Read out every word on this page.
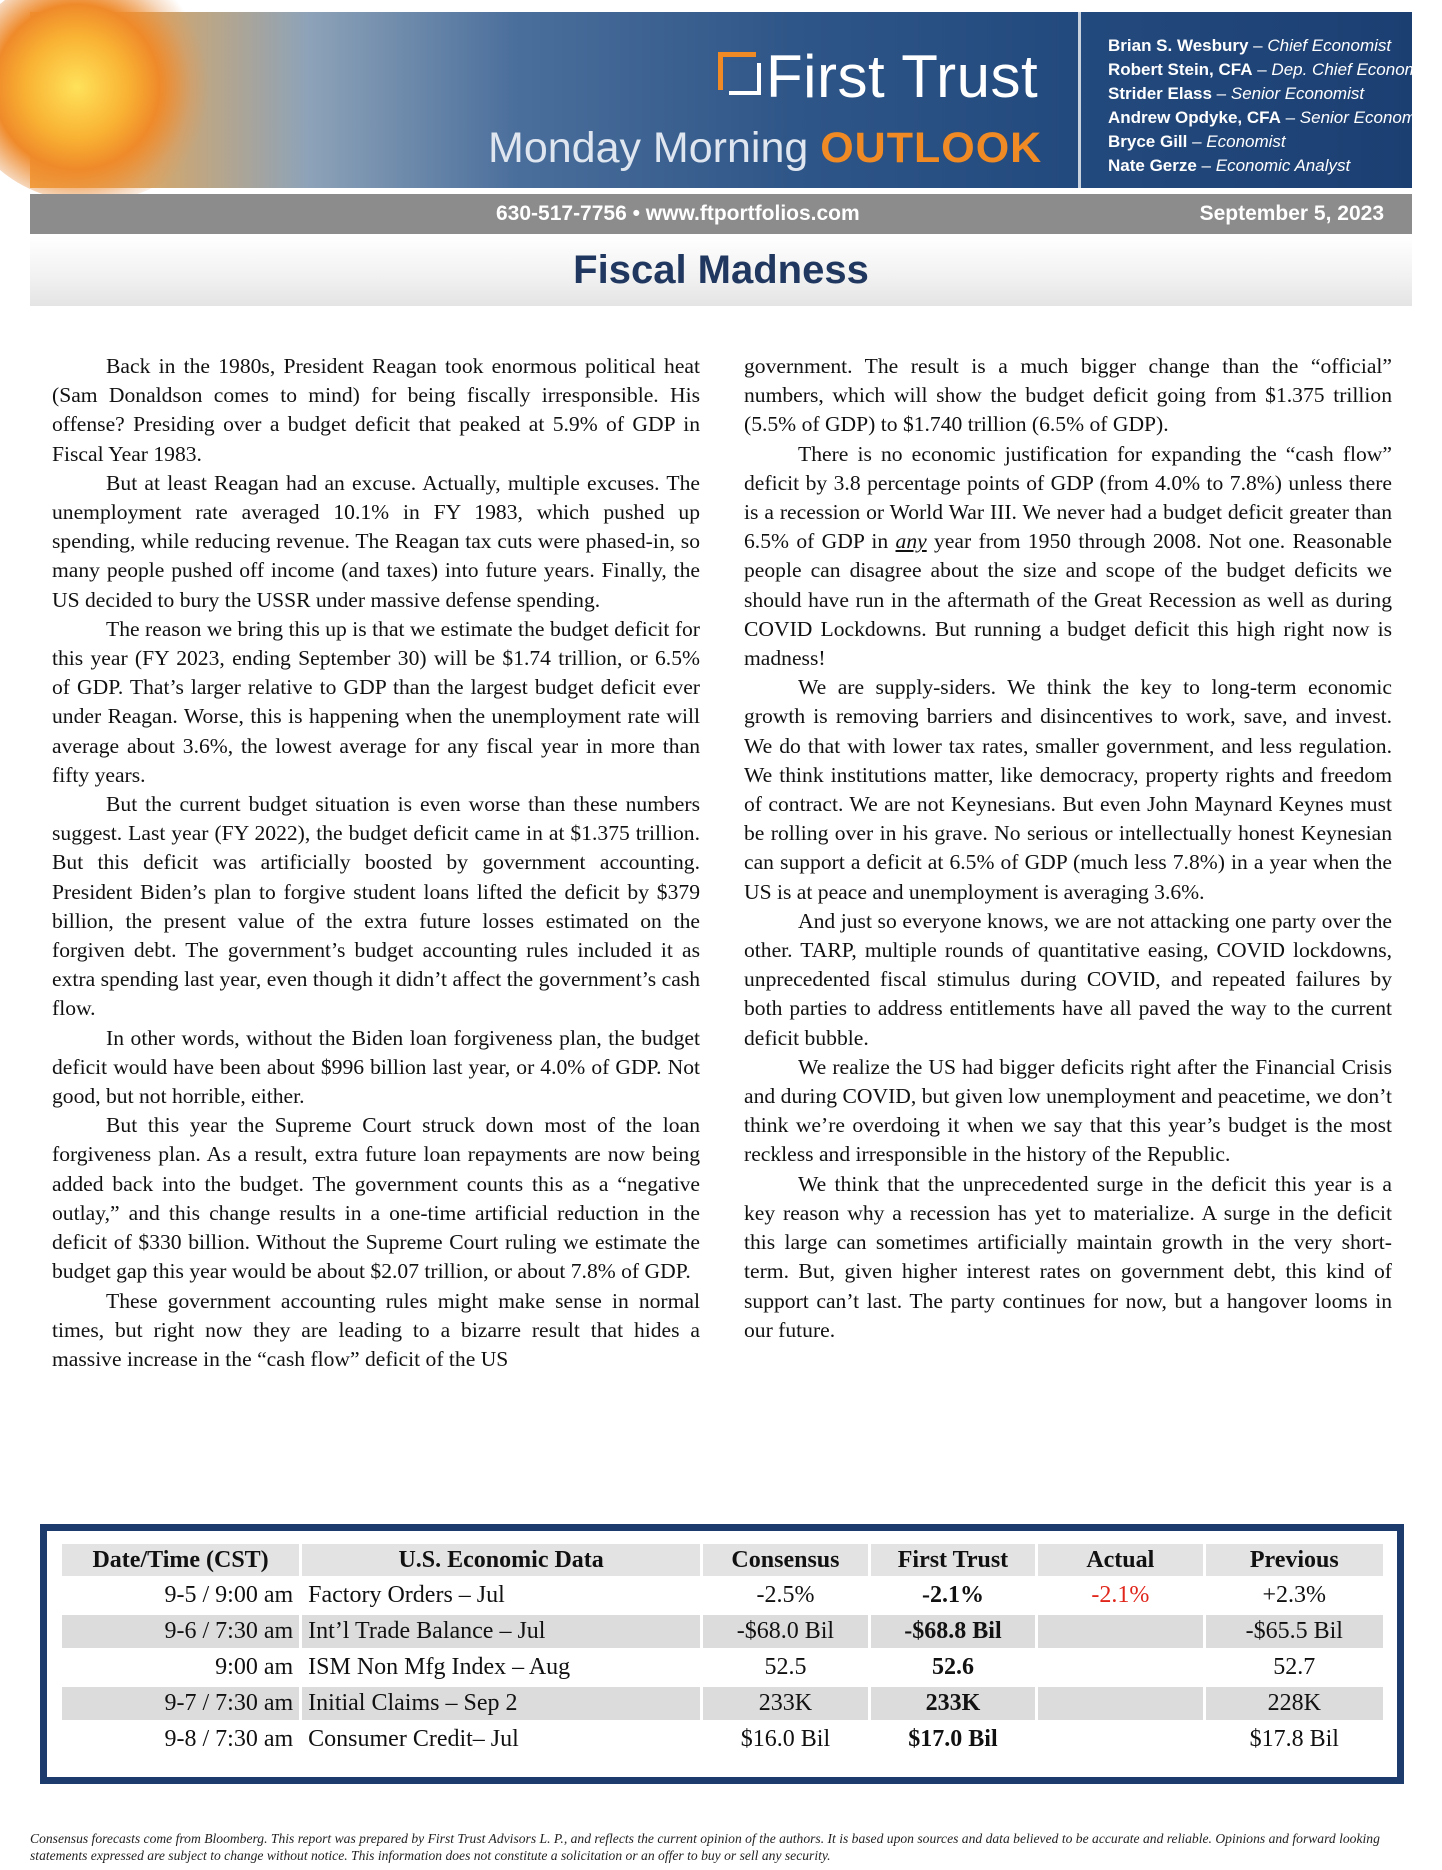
First Trust
Monday Morning OUTLOOK
Brian S. Wesbury – Chief Economist
Robert Stein, CFA – Dep. Chief Economist
Strider Elass – Senior Economist
Andrew Opdyke, CFA – Senior Economist
Bryce Gill – Economist
Nate Gerze – Economic Analyst
630-517-7756 • www.ftportfolios.com	September 5, 2023
Fiscal Madness

Back in the 1980s, President Reagan took enormous political heat (Sam Donaldson comes to mind) for being fiscally irresponsible. His offense? Presiding over a budget deficit that peaked at 5.9% of GDP in Fiscal Year 1983.

But at least Reagan had an excuse. Actually, multiple excuses. The unemployment rate averaged 10.1% in FY 1983, which pushed up spending, while reducing revenue. The Reagan tax cuts were phased-in, so many people pushed off income (and taxes) into future years. Finally, the US decided to bury the USSR under massive defense spending.

The reason we bring this up is that we estimate the budget deficit for this year (FY 2023, ending September 30) will be $1.74 trillion, or 6.5% of GDP. That’s larger relative to GDP than the largest budget deficit ever under Reagan. Worse, this is happening when the unemployment rate will average about 3.6%, the lowest average for any fiscal year in more than fifty years.

But the current budget situation is even worse than these numbers suggest. Last year (FY 2022), the budget deficit came in at $1.375 trillion. But this deficit was artificially boosted by government accounting. President Biden’s plan to forgive student loans lifted the deficit by $379 billion, the present value of the extra future losses estimated on the forgiven debt. The government’s budget accounting rules included it as extra spending last year, even though it didn’t affect the government’s cash flow.

In other words, without the Biden loan forgiveness plan, the budget deficit would have been about $996 billion last year, or 4.0% of GDP. Not good, but not horrible, either.

But this year the Supreme Court struck down most of the loan forgiveness plan. As a result, extra future loan repayments are now being added back into the budget. The government counts this as a “negative outlay,” and this change results in a one-time artificial reduction in the deficit of $330 billion. Without the Supreme Court ruling we estimate the budget gap this year would be about $2.07 trillion, or about 7.8% of GDP.

These government accounting rules might make sense in normal times, but right now they are leading to a bizarre result that hides a massive increase in the “cash flow” deficit of the US

government. The result is a much bigger change than the “official” numbers, which will show the budget deficit going from $1.375 trillion (5.5% of GDP) to $1.740 trillion (6.5% of GDP).

There is no economic justification for expanding the “cash flow” deficit by 3.8 percentage points of GDP (from 4.0% to 7.8%) unless there is a recession or World War III. We never had a budget deficit greater than 6.5% of GDP in any year from 1950 through 2008. Not one. Reasonable people can disagree about the size and scope of the budget deficits we should have run in the aftermath of the Great Recession as well as during COVID Lockdowns. But running a budget deficit this high right now is madness!

We are supply-siders. We think the key to long-term economic growth is removing barriers and disincentives to work, save, and invest. We do that with lower tax rates, smaller government, and less regulation. We think institutions matter, like democracy, property rights and freedom of contract. We are not Keynesians. But even John Maynard Keynes must be rolling over in his grave. No serious or intellectually honest Keynesian can support a deficit at 6.5% of GDP (much less 7.8%) in a year when the US is at peace and unemployment is averaging 3.6%.

And just so everyone knows, we are not attacking one party over the other. TARP, multiple rounds of quantitative easing, COVID lockdowns, unprecedented fiscal stimulus during COVID, and repeated failures by both parties to address entitlements have all paved the way to the current deficit bubble.

We realize the US had bigger deficits right after the Financial Crisis and during COVID, but given low unemployment and peacetime, we don’t think we’re overdoing it when we say that this year’s budget is the most reckless and irresponsible in the history of the Republic.

We think that the unprecedented surge in the deficit this year is a key reason why a recession has yet to materialize. A surge in the deficit this large can sometimes artificially maintain growth in the very short-term. But, given higher interest rates on government debt, this kind of support can’t last. The party continues for now, but a hangover looms in our future.

Date/Time (CST)	U.S. Economic Data	Consensus	First Trust	Actual	Previous
9-5 / 9:00 am	Factory Orders – Jul	-2.5%	-2.1%	-2.1%	+2.3%
9-6 / 7:30 am	Int’l Trade Balance – Jul	-$68.0 Bil	-$68.8 Bil		-$65.5 Bil
9:00 am	ISM Non Mfg Index – Aug	52.5	52.6		52.7
9-7 / 7:30 am	Initial Claims – Sep 2	233K	233K		228K
9-8 / 7:30 am	Consumer Credit– Jul	$16.0 Bil	$17.0 Bil		$17.8 Bil
Consensus forecasts come from Bloomberg. This report was prepared by First Trust Advisors L. P., and reflects the current opinion of the authors. It is based upon sources and data believed to be accurate and reliable. Opinions and forward looking statements expressed are subject to change without notice. This information does not constitute a solicitation or an offer to buy or sell any security.
